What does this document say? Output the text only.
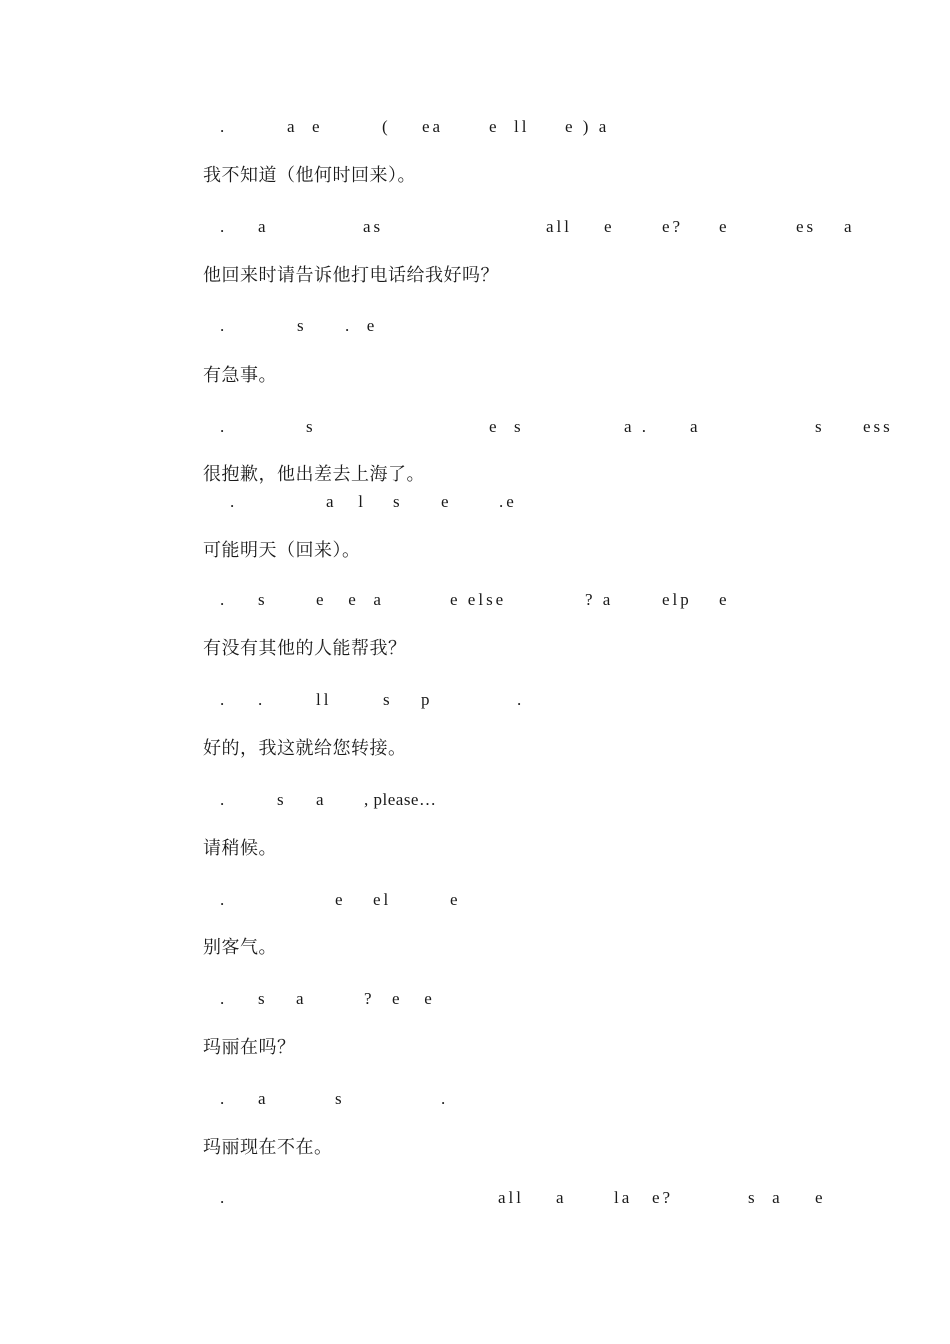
.	a  e	( ea	e  ll e ) a
我不知道（他何时回来）。
. a	as	all e	e? e	es a
他回来时请告诉他打电话给我好吗？
.	s .  e
有急事。
.	s	e  s	a . a	s ess
很抱歉，他出差去上海了。
.	a   l s e	.e
可能明天（回来）。
. s	e   e  a	e else	? a	elp e
有没有其他的人能帮我？
. .	ll	s p	.
好的，我这就给您转接。
.	s a , please…
请稍候。
.	e el	e
别客气。
. s a	? e   e
玛丽在吗？
. a	s	.
玛丽现在不在。
.	all a	la e?	s  a e
